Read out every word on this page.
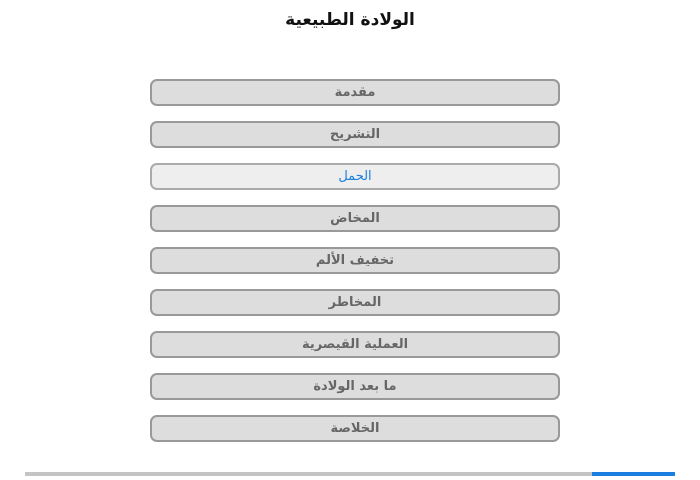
الولادة الطبيعية
مقدمة
التشريح
الحمل
المخاض
تخفيف الألم
المخاطر
العملية القيصرية
ما بعد الولادة
الخلاصة
